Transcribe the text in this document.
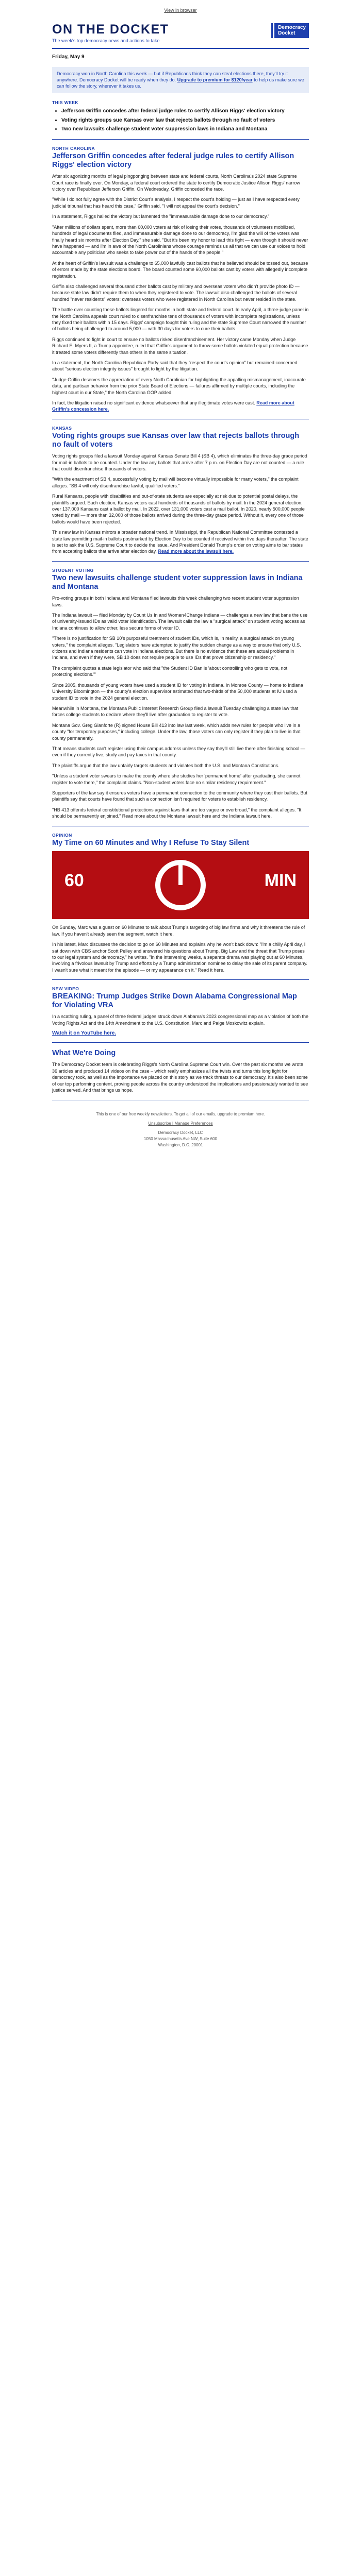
View in browser
ON THE DOCKET
The week's top democracy news and actions to take
Democracy
Docket
Friday, May 9
Democracy won in North Carolina this week — but if Republicans think they can steal elections there, they'll try it anywhere. Democracy Docket will be ready when they do. Upgrade to premium for $120/year to help us make sure we can follow the story, wherever it takes us.
THIS WEEK
• Jefferson Griffin concedes after federal judge rules to certify Allison Riggs' election victory
• Voting rights groups sue Kansas over law that rejects ballots through no fault of voters
• Two new lawsuits challenge student voter suppression laws in Indiana and Montana
NORTH CAROLINA
Jefferson Griffin concedes after federal judge rules to certify Allison Riggs' election victory

After six agonizing months of legal pingponging between state and federal courts, North Carolina's 2024 state Supreme Court race is finally over. On Monday, a federal court ordered the state to certify Democratic Justice Allison Riggs' narrow victory over Republican Jefferson Griffin. On Wednesday, Griffin conceded the race.

"While I do not fully agree with the District Court's analysis, I respect the court's holding — just as I have respected every judicial tribunal that has heard this case," Griffin said. "I will not appeal the court's decision."

In a statement, Riggs hailed the victory but lamented the "immeasurable damage done to our democracy."

"After millions of dollars spent, more than 60,000 voters at risk of losing their votes, thousands of volunteers mobilized, hundreds of legal documents filed, and immeasurable damage done to our democracy, I'm glad the will of the voters was finally heard six months after Election Day," she said. "But it's been my honor to lead this fight — even though it should never have happened — and I'm in awe of the North Carolinians whose courage reminds us all that we can use our voices to hold accountable any politician who seeks to take power out of the hands of the people."

At the heart of Griffin's lawsuit was a challenge to 65,000 lawfully cast ballots that he believed should be tossed out, because of errors made by the state elections board. The board counted some 60,000 ballots cast by voters with allegedly incomplete registration.

Griffin also challenged several thousand other ballots cast by military and overseas voters who didn't provide photo ID — because state law didn't require them to when they registered to vote. The lawsuit also challenged the ballots of several hundred "never residents" voters: overseas voters who were registered in North Carolina but never resided in the state.

The battle over counting these ballots lingered for months in both state and federal court. In early April, a three-judge panel in the North Carolina appeals court ruled to disenfranchise tens of thousands of voters with incomplete registrations, unless they fixed their ballots within 15 days. Riggs' campaign fought this ruling and the state Supreme Court narrowed the number of ballots being challenged to around 5,000 — with 30 days for voters to cure their ballots.

Riggs continued to fight in court to ensure no ballots risked disenfranchisement. Her victory came Monday when Judge Richard E. Myers II, a Trump appointee, ruled that Griffin's argument to throw some ballots violated equal protection because it treated some voters differently than others in the same situation.

In a statement, the North Carolina Republican Party said that they "respect the court's opinion" but remained concerned about "serious election integrity issues" brought to light by the litigation.

"Judge Griffin deserves the appreciation of every North Carolinian for highlighting the appalling mismanagement, inaccurate data, and partisan behavior from the prior State Board of Elections — failures affirmed by multiple courts, including the highest court in our State," the North Carolina GOP added.

In fact, the litigation raised no significant evidence whatsoever that any illegitimate votes were cast. Read more about Griffin's concession here.

KANSAS
Voting rights groups sue Kansas over law that rejects ballots through no fault of voters

Voting rights groups filed a lawsuit Monday against Kansas Senate Bill 4 (SB 4), which eliminates the three-day grace period for mail-in ballots to be counted. Under the law any ballots that arrive after 7 p.m. on Election Day are not counted — a rule that could disenfranchise thousands of voters.

"With the enactment of SB 4, successfully voting by mail will become virtually impossible for many voters," the complaint alleges. "SB 4 will only disenfranchise lawful, qualified voters."

Rural Kansans, people with disabilities and out-of-state students are especially at risk due to potential postal delays, the plaintiffs argued. Each election, Kansas voters cast hundreds of thousands of ballots by mail. In the 2024 general election, over 137,000 Kansans cast a ballot by mail. In 2022, over 131,000 voters cast a mail ballot. In 2020, nearly 500,000 people voted by mail — more than 32,000 of those ballots arrived during the three-day grace period. Without it, every one of those ballots would have been rejected.

This new law in Kansas mirrors a broader national trend. In Mississippi, the Republican National Committee contested a state law permitting mail-in ballots postmarked by Election Day to be counted if received within five days thereafter. The state is set to ask the U.S. Supreme Court to decide the issue. And President Donald Trump's order on voting aims to bar states from accepting ballots that arrive after election day. Read more about the lawsuit here.

STUDENT VOTING
Two new lawsuits challenge student voter suppression laws in Indiana and Montana

Pro-voting groups in both Indiana and Montana filed lawsuits this week challenging two recent student voter suppression laws.

The Indiana lawsuit — filed Monday by Count Us In and Women4Change Indiana — challenges a new law that bans the use of university-issued IDs as valid voter identification. The lawsuit calls the law a "surgical attack" on student voting access as Indiana continues to allow other, less secure forms of voter ID.

"There is no justification for SB 10's purposeful treatment of student IDs, which is, in reality, a surgical attack on young voters," the complaint alleges. "Legislators have attempted to justify the sudden change as a way to ensure that only U.S. citizens and Indiana residents can vote in Indiana elections. But there is no evidence that these are actual problems in Indiana, and even if they were, SB 10 does not require people to use IDs that prove citizenship or residency."

The complaint quotes a state legislator who said that "the Student ID Ban is 'about controlling who gets to vote, not protecting elections.'"

Since 2005, thousands of young voters have used a student ID for voting in Indiana. In Monroe County — home to Indiana University Bloomington — the county's election supervisor estimated that two-thirds of the 50,000 students at IU used a student ID to vote in the 2024 general election.

Meanwhile in Montana, the Montana Public Interest Research Group filed a lawsuit Tuesday challenging a state law that forces college students to declare where they'll live after graduation to register to vote.

Montana Gov. Greg Gianforte (R) signed House Bill 413 into law last week, which adds new rules for people who live in a county "for temporary purposes," including college. Under the law, those voters can only register if they plan to live in that county permanently.

That means students can't register using their campus address unless they say they'll still live there after finishing school — even if they currently live, study and pay taxes in that county.

The plaintiffs argue that the law unfairly targets students and violates both the U.S. and Montana Constitutions.

"Unless a student voter swears to make the county where she studies her 'permanent home' after graduating, she cannot register to vote there," the complaint claims. "Non-student voters face no similar residency requirement."

Supporters of the law say it ensures voters have a permanent connection to the community where they cast their ballots. But plaintiffs say that courts have found that such a connection isn't required for voters to establish residency.

"HB 413 offends federal constitutional protections against laws that are too vague or overbroad," the complaint alleges. "It should be permanently enjoined." Read more about the Montana lawsuit here and the Indiana lawsuit here.

OPINION
My Time on 60 Minutes and Why I Refuse To Stay Silent
60	MIN

On Sunday, Marc was a guest on 60 Minutes to talk about Trump's targeting of big law firms and why it threatens the rule of law. If you haven't already seen the segment, watch it here.

In his latest, Marc discusses the decision to go on 60 Minutes and explains why he won't back down: "I'm a chilly April day, I sat down with CBS anchor Scott Pelley and answered his questions about Trump, Big Law and the threat that Trump poses to our legal system and democracy," he writes. "In the intervening weeks, a separate drama was playing out at 60 Minutes, involving a frivolous lawsuit by Trump and efforts by a Trump administration nominee to delay the sale of its parent company. I wasn't sure what it meant for the episode — or my appearance on it." Read it here.

NEW VIDEO
BREAKING: Trump Judges Strike Down Alabama Congressional Map for Violating VRA

In a scathing ruling, a panel of three federal judges struck down Alabama's 2023 congressional map as a violation of both the Voting Rights Act and the 14th Amendment to the U.S. Constitution. Marc and Paige Moskowitz explain.

Watch it on YouTube here.
What We're Doing

The Democracy Docket team is celebrating Riggs's North Carolina Supreme Court win. Over the past six months we wrote 36 articles and produced 14 videos on the case – which really emphasizes all the twists and turns this long fight for democracy took, as well as the importance we placed on this story as we track threats to our democracy. It's also been some of our top performing content, proving people across the country understood the implications and passionately wanted to see justice served. And that brings us hope.

This is one of our free weekly newsletters. To get all of our emails, upgrade to premium here.
Unsubscribe | Manage Preferences
Democracy Docket, LLC
1050 Massachusetts Ave NW, Suite 600
Washington, D.C. 20001
